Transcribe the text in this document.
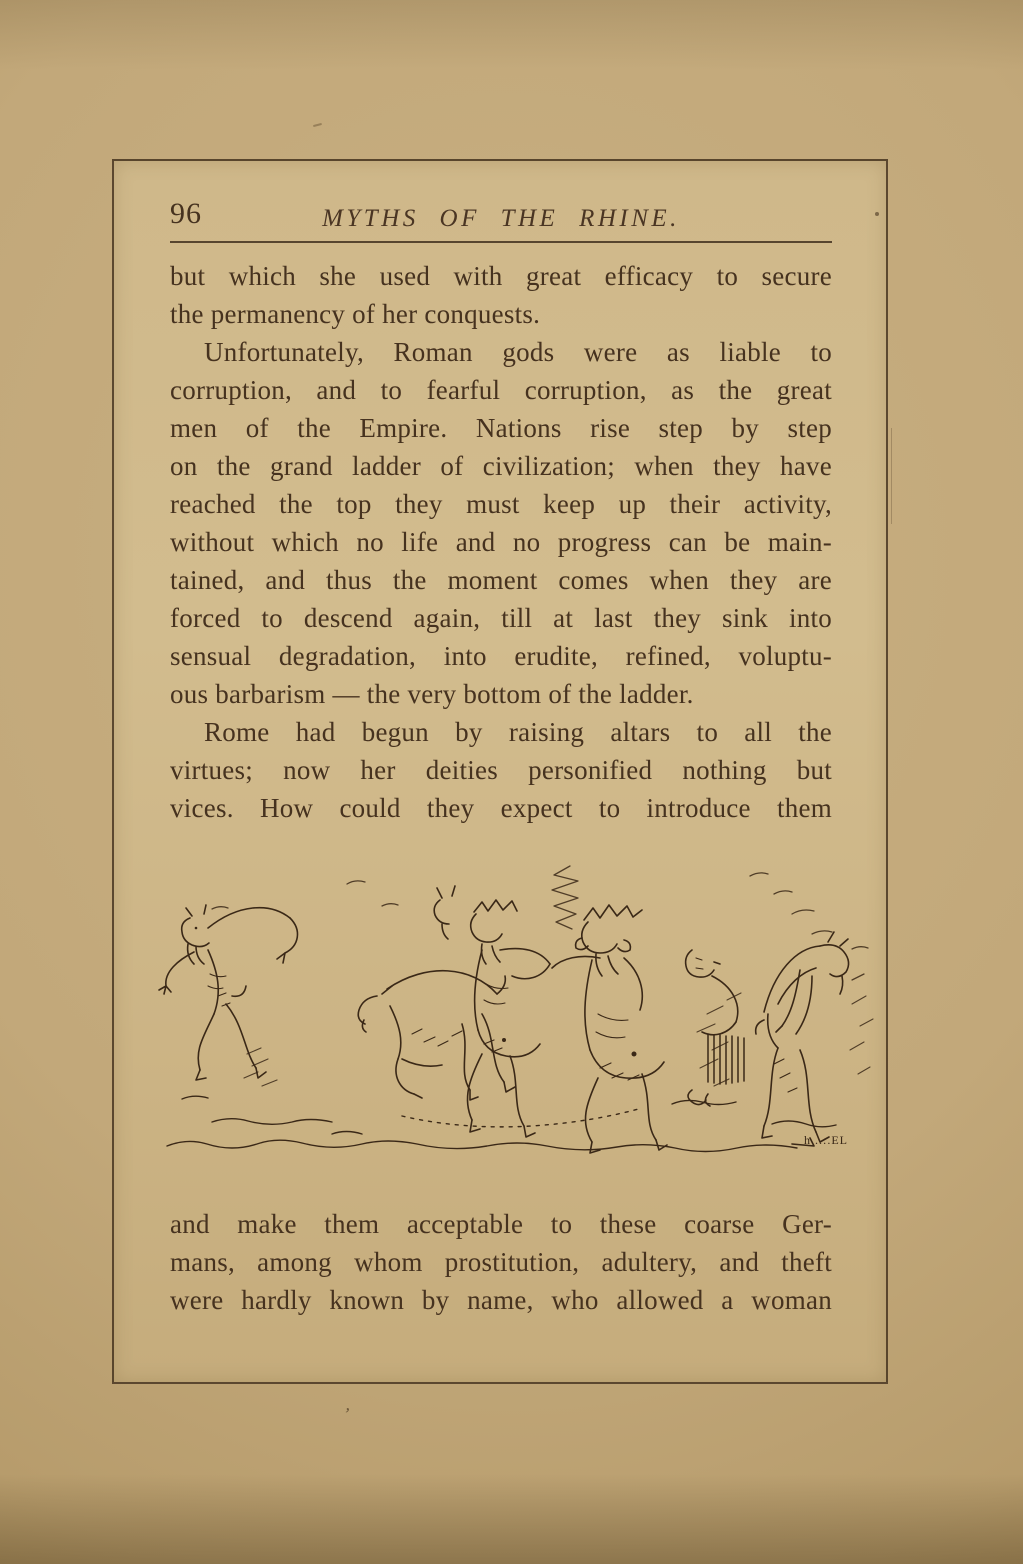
’
96	MYTHS OF THE RHINE.
but which she used with great efficacy to secure
the permanency of her conquests.
Unfortunately, Roman gods were as liable to
corruption, and to fearful corruption, as the great
men of the Empire. Nations rise step by step
on the grand ladder of civilization; when they have
reached the top they must keep up their activity,
without which no life and no progress can be main-
tained, and thus the moment comes when they are
forced to descend again, till at last they sink into
sensual degradation, into erudite, refined, voluptu-
ous barbarism — the very bottom of the ladder.
Rome had begun by raising altars to all the
virtues; now her deities personified nothing but
vices. How could they expect to introduce them
h ..:.EL
and make them acceptable to these coarse Ger-
mans, among whom prostitution, adultery, and theft
were hardly known by name, who allowed a woman
